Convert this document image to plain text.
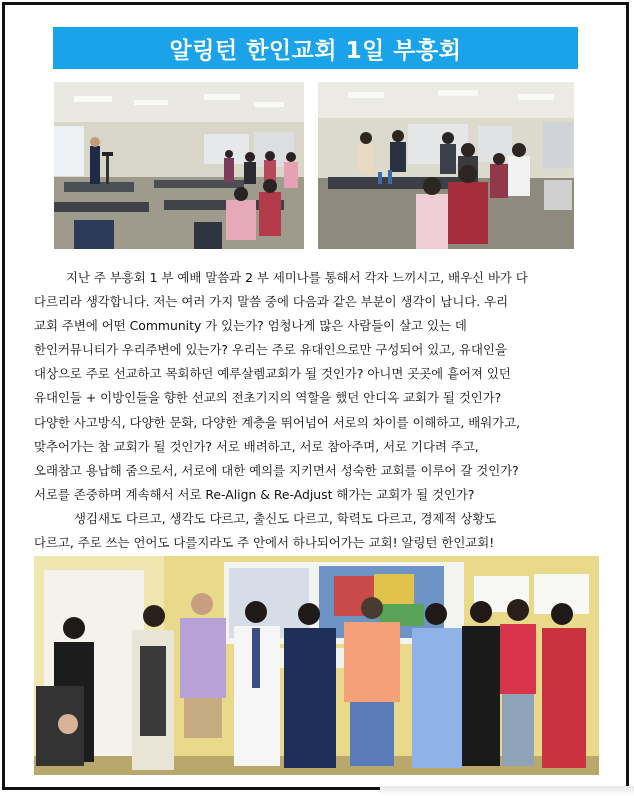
알링턴 한인교회 1일 부흥회
지난 주 부흥회 1 부 예배 말씀과 2 부 세미나를 통해서 각자 느끼시고, 배우신 바가 다
다르리라 생각합니다. 저는 여러 가지 말씀 중에 다음과 같은 부분이 생각이 납니다. 우리
교회 주변에 어떤 Community 가 있는가? 엄청나게 많은 사람들이 살고 있는 데
한인커뮤니티가 우리주변에 있는가? 우리는 주로 유대인으로만 구성되어 있고, 유대인을
대상으로 주로 선교하고 목회하던 예루살렘교회가 될 것인가? 아니면 곳곳에 흩어져 있던
유대인들 + 이방인들을 향한 선교의 전초기지의 역할을 했던 안디옥 교회가 될 것인가?
다양한 사고방식, 다양한 문화, 다양한 계층을 뛰어넘어 서로의 차이를 이해하고, 배워가고,
맞추어가는 참 교회가 될 것인가? 서로 배려하고, 서로 참아주며, 서로 기다려 주고,
오래참고 용납해 줌으로서, 서로에 대한 예의를 지키면서 성숙한 교회를 이루어 갈 것인가?
서로를 존중하며 계속해서 서로 Re-Align & Re-Adjust 해가는 교회가 될 것인가?
생김새도 다르고, 생각도 다르고, 출신도 다르고, 학력도 다르고, 경제적 상황도
다르고, 주로 쓰는 언어도 다를지라도 주 안에서 하나되어가는 교회! 알링턴 한인교회!
